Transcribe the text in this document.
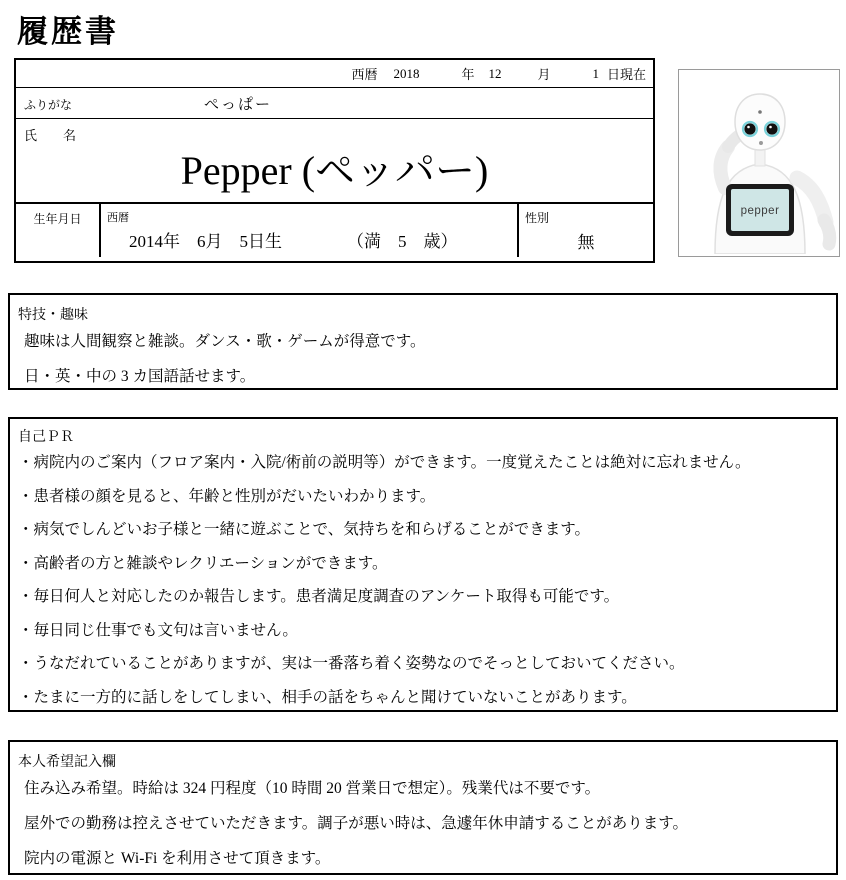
履歴書
西暦 2018	年 12	月	1 日現在
ふりがな	ぺっぱー
氏　　名
Pepper (ペッパー)
生年月日	西暦
2014年　6月　5日生	（満　5　歳）
性別
無
pepper
特技・趣味
趣味は人間観察と雑談。ダンス・歌・ゲームが得意です。
日・英・中の 3 カ国語話せます。
自己ＰＲ
・病院内のご案内（フロア案内・入院/術前の説明等）ができます。一度覚えたことは絶対に忘れません。
・患者様の顔を見ると、年齢と性別がだいたいわかります。
・病気でしんどいお子様と一緒に遊ぶことで、気持ちを和らげることができます。
・高齢者の方と雑談やレクリエーションができます。
・毎日何人と対応したのか報告します。患者満足度調査のアンケート取得も可能です。
・毎日同じ仕事でも文句は言いません。
・うなだれていることがありますが、実は一番落ち着く姿勢なのでそっとしておいてください。
・たまに一方的に話しをしてしまい、相手の話をちゃんと聞けていないことがあります。
本人希望記入欄
住み込み希望。時給は 324 円程度（10 時間 20 営業日で想定）。残業代は不要です。
屋外での勤務は控えさせていただきます。調子が悪い時は、急遽年休申請することがあります。
院内の電源と Wi-Fi を利用させて頂きます。
